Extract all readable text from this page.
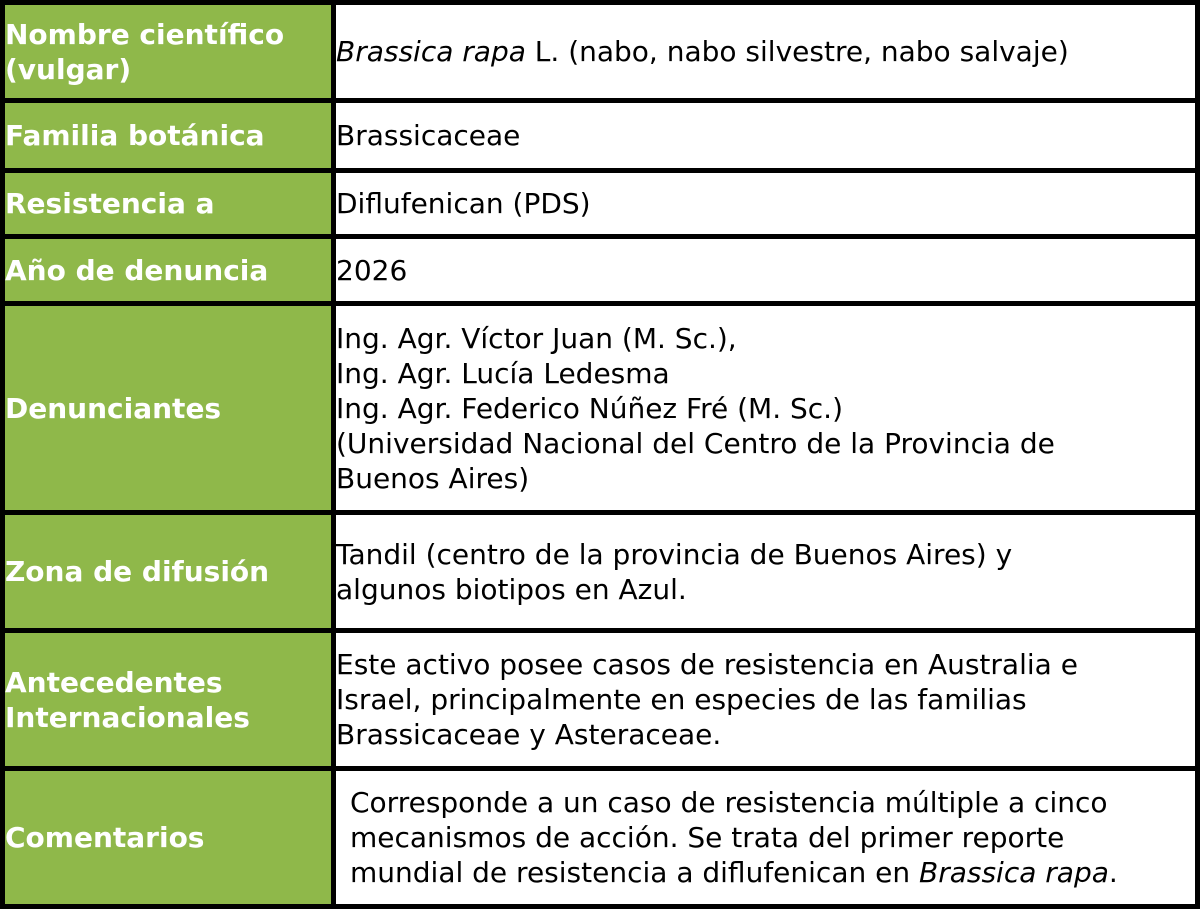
Nombre científico (vulgar)	Brassica rapa L. (nabo, nabo silvestre, nabo salvaje)
Familia botánica	Brassicaceae
Resistencia a	Diflufenican (PDS)
Año de denuncia	2026
Denunciantes	Ing. Agr. Víctor Juan (M. Sc.),
Ing. Agr. Lucía Ledesma
Ing. Agr. Federico Núñez Fré (M. Sc.)
(Universidad Nacional del Centro de la Provincia de
Buenos Aires)

Zona de difusión	Tandil (centro de la provincia de Buenos Aires) y
algunos biotipos en Azul.

Antecedentes
Internacionales	Este activo posee casos de resistencia en Australia e
Israel, principalmente en especies de las familias
Brassicaceae y Asteraceae.

Comentarios	Corresponde a un caso de resistencia múltiple a cinco
mecanismos de acción. Se trata del primer reporte
mundial de resistencia a diflufenican en Brassica rapa.
